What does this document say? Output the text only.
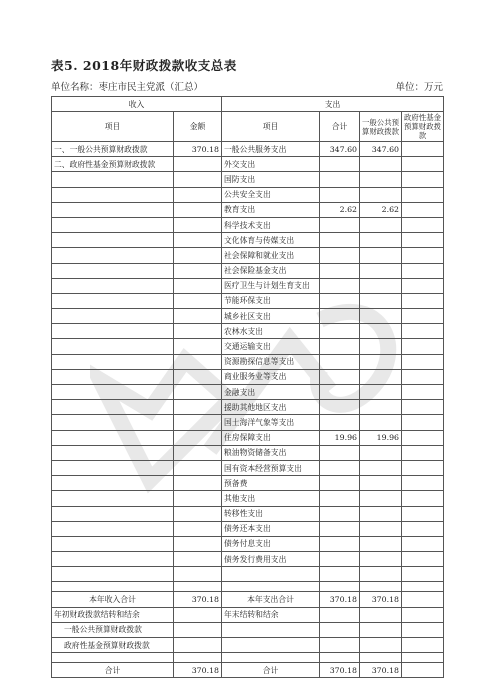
表5. 2018年财政拨款收支总表
单位名称：枣庄市民主党派（汇总）	单位：万元
收入		支出			
项目	金额	项目	合计	一般公共预算财政拨款	政府性基金预算财政拨款
一、一般公共预算财政拨款	370.18	一般公共服务支出	347.60	347.60	
二、政府性基金预算财政拨款		外交支出			
		国防支出			
		公共安全支出			
		教育支出	2.62	2.62	
		科学技术支出			
		文化体育与传媒支出			
		社会保障和就业支出			
		社会保险基金支出			
		医疗卫生与计划生育支出			
		节能环保支出			
		城乡社区支出			
		农林水支出			
		交通运输支出			
		资源勘探信息等支出			
		商业服务业等支出			
		金融支出			
		援助其他地区支出			
		国土海洋气象等支出			
		住房保障支出	19.96	19.96	
		粮油物资储备支出			
		国有资本经营预算支出			
		预备费			
		其他支出			
		转移性支出			
		债务还本支出			
		债务付息支出			
		债务发行费用支出			

本年收入合计	370.18	本年支出合计	370.18	370.18	
年初财政拨款结转和结余		年末结转和结余			
一般公共预算财政拨款					
政府性基金预算财政拨款					

合计	370.18	合计	370.18	370.18	
